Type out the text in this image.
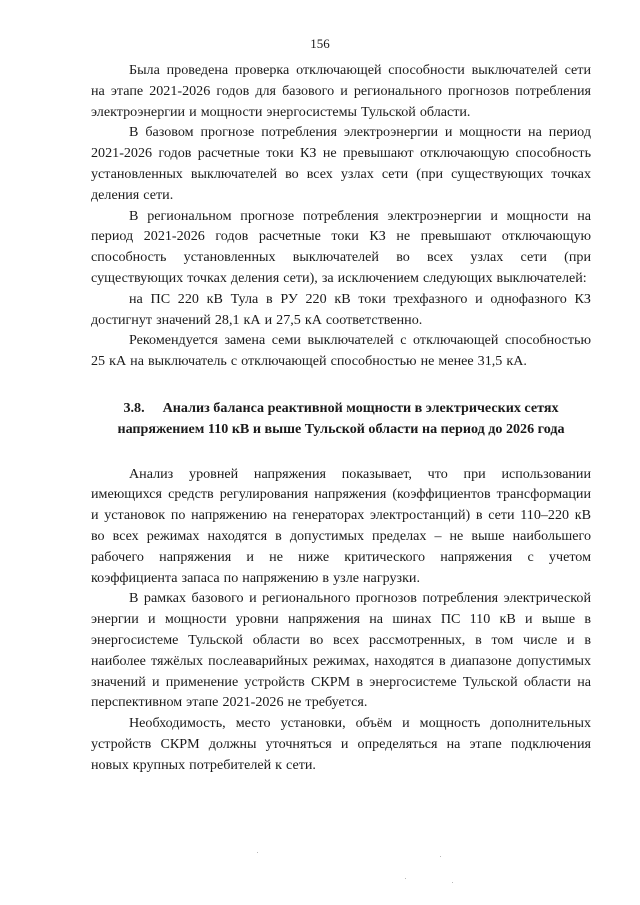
156

Была проведена проверка отключающей способности выключателей сети на этапе 2021-2026 годов для базового и регионального прогнозов потребления электроэнергии и мощности энергосистемы Тульской области.

В базовом прогнозе потребления электроэнергии и мощности на период 2021-2026 годов расчетные токи КЗ не превышают отключающую способность установленных выключателей во всех узлах сети (при существующих точках деления сети.

В региональном прогнозе потребления электроэнергии и мощности на период 2021-2026 годов расчетные токи КЗ не превышают отключающую способность установленных выключателей во всех узлах сети (при существующих точках деления сети), за исключением следующих выключателей:

на ПС 220 кВ Тула в РУ 220 кВ токи трехфазного и однофазного КЗ достигнут значений 28,1 кА и 27,5 кА соответственно.

Рекомендуется замена семи выключателей с отключающей способностью 25 кА на выключатель с отключающей способностью не менее 31,5 кА.

3.8. Анализ баланса реактивной мощности в электрических сетях
напряжением 110 кВ и выше Тульской области на период до 2026 года

Анализ уровней напряжения показывает, что при использовании имеющихся средств регулирования напряжения (коэффициентов трансформации и установок по напряжению на генераторах электростанций) в сети 110–220 кВ во всех режимах находятся в допустимых пределах – не выше наибольшего рабочего напряжения и не ниже критического напряжения с учетом коэффициента запаса по напряжению в узле нагрузки.

В рамках базового и регионального прогнозов потребления электрической энергии и мощности уровни напряжения на шинах ПС 110 кВ и выше в энергосистеме Тульской области во всех рассмотренных, в том числе и в наиболее тяжёлых послеаварийных режимах, находятся в диапазоне допустимых значений и применение устройств СКРМ в энергосистеме Тульской области на перспективном этапе 2021-2026 не требуется.

Необходимость, место установки, объём и мощность дополнительных устройств СКРМ должны уточняться и определяться на этапе подключения новых крупных потребителей к сети.
